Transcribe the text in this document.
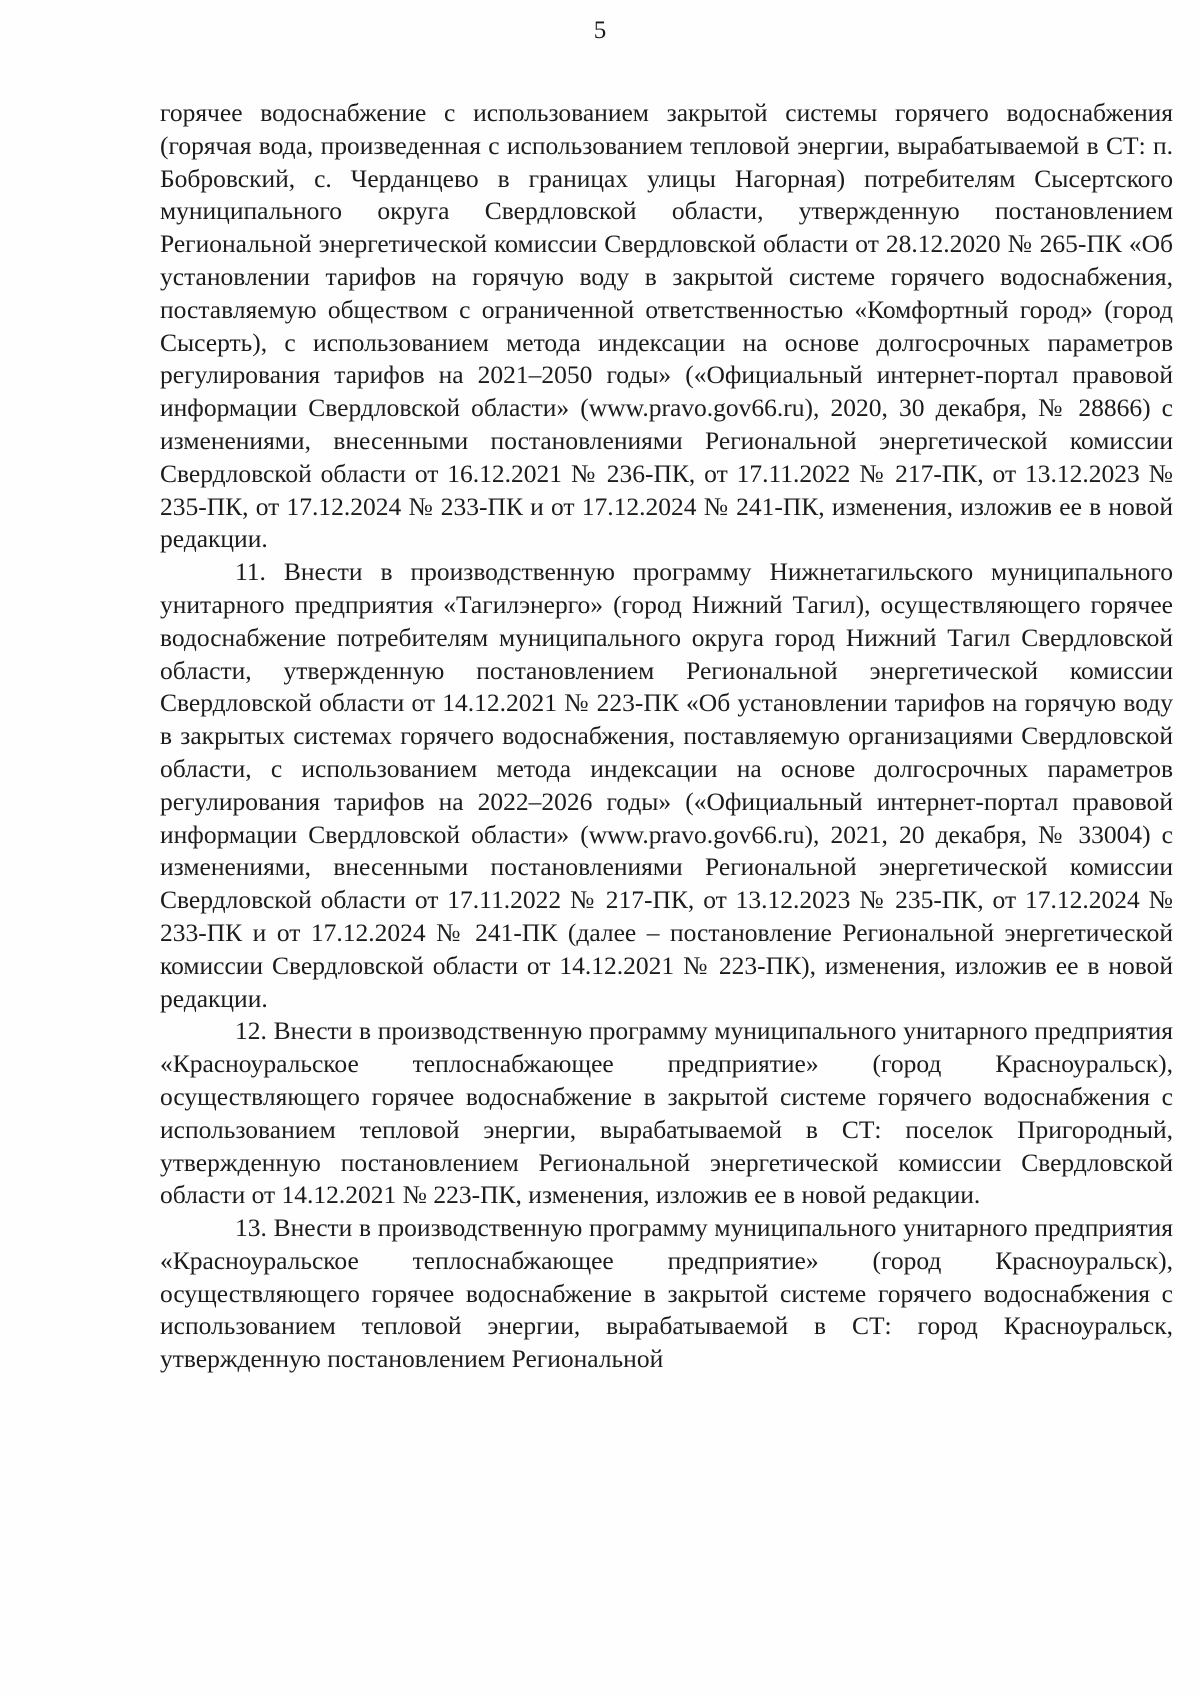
5

горячее водоснабжение с использованием закрытой системы горячего водоснабжения (горячая вода, произведенная с использованием тепловой энергии, вырабатываемой в СТ: п. Бобровский, с. Черданцево в границах улицы Нагорная) потребителям Сысертского муниципального округа Свердловской области, утвержденную постановлением Региональной энергетической комиссии Свердловской области от 28.12.2020 № 265-ПК «Об установлении тарифов на горячую воду в закрытой системе горячего водоснабжения, поставляемую обществом с ограниченной ответственностью «Комфортный город» (город Сысерть), с использованием метода индексации на основе долгосрочных параметров регулирования тарифов на 2021–2050 годы» («Официальный интернет-портал правовой информации Свердловской области» (www.pravo.gov66.ru), 2020, 30 декабря, № 28866) с изменениями, внесенными постановлениями Региональной энергетической комиссии Свердловской области от 16.12.2021 № 236-ПК, от 17.11.2022 № 217-ПК, от 13.12.2023 № 235-ПК, от 17.12.2024 № 233-ПК и от 17.12.2024 № 241-ПК, изменения, изложив ее в новой редакции.

11. Внести в производственную программу Нижнетагильского муниципального унитарного предприятия «Тагилэнерго» (город Нижний Тагил), осуществляющего горячее водоснабжение потребителям муниципального округа город Нижний Тагил Свердловской области, утвержденную постановлением Региональной энергетической комиссии Свердловской области от 14.12.2021 № 223-ПК «Об установлении тарифов на горячую воду в закрытых системах горячего водоснабжения, поставляемую организациями Свердловской области, с использованием метода индексации на основе долгосрочных параметров регулирования тарифов на 2022–2026 годы» («Официальный интернет-портал правовой информации Свердловской области» (www.pravo.gov66.ru), 2021, 20 декабря, № 33004) с изменениями, внесенными постановлениями Региональной энергетической комиссии Свердловской области от 17.11.2022 № 217-ПК, от 13.12.2023 № 235-ПК, от 17.12.2024 № 233-ПК и от 17.12.2024 № 241-ПК (далее – постановление Региональной энергетической комиссии Свердловской области от 14.12.2021 № 223-ПК), изменения, изложив ее в новой редакции.

12. Внести в производственную программу муниципального унитарного предприятия «Красноуральское теплоснабжающее предприятие» (город Красноуральск), осуществляющего горячее водоснабжение в закрытой системе горячего водоснабжения с использованием тепловой энергии, вырабатываемой в СТ: поселок Пригородный, утвержденную постановлением Региональной энергетической комиссии Свердловской области от 14.12.2021 № 223-ПК, изменения, изложив ее в новой редакции.

13. Внести в производственную программу муниципального унитарного предприятия «Красноуральское теплоснабжающее предприятие» (город Красноуральск), осуществляющего горячее водоснабжение в закрытой системе горячего водоснабжения с использованием тепловой энергии, вырабатываемой в СТ: город Красноуральск, утвержденную постановлением Региональной
